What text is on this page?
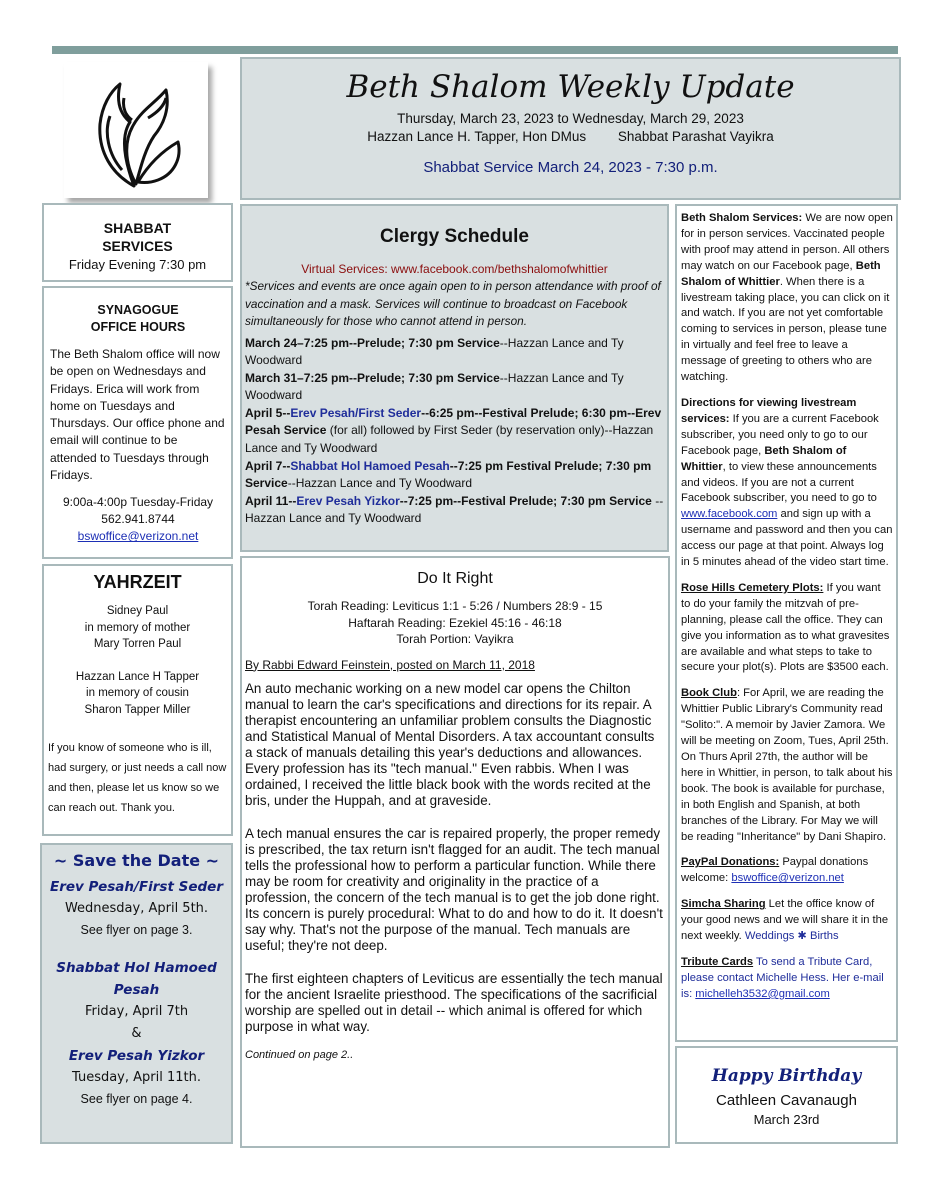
Beth Shalom Weekly Update
Thursday, March 23, 2023 to Wednesday, March 29, 2023
Hazzan Lance H. Tapper, Hon DMus Shabbat Parashat Vayikra
Shabbat Service March 24, 2023 - 7:30 p.m.
SHABBAT
SERVICES
Friday Evening 7:30 pm
SYNAGOGUE
OFFICE HOURS
The Beth Shalom office will now be open on Wednesdays and Fridays. Erica will work from home on Tuesdays and Thursdays. Our office phone and email will continue to be attended to Tuesdays through Fridays.
9:00a-4:00p Tuesday-Friday
562.941.8744
bswoffice@verizon.net
YAHRZEIT
Sidney Paul
in memory of mother
Mary Torren Paul
Hazzan Lance H Tapper
in memory of cousin
Sharon Tapper Miller
If you know of someone who is ill, had surgery, or just needs a call now and then, please let us know so we can reach out. Thank you.
~ Save the Date ~
Erev Pesah/First Seder
Wednesday, April 5th.
See flyer on page 3.
Shabbat Hol Hamoed Pesah
Friday, April 7th
&
Erev Pesah Yizkor
Tuesday, April 11th.
See flyer on page 4.
Clergy Schedule
Virtual Services: www.facebook.com/bethshalomofwhittier
*Services and events are once again open to in person attendance with proof of vaccination and a mask. Services will continue to broadcast on Facebook simultaneously for those who cannot attend in person.
March 24–7:25 pm--Prelude; 7:30 pm Service--Hazzan Lance and Ty Woodward
March 31–7:25 pm--Prelude; 7:30 pm Service--Hazzan Lance and Ty Woodward
April 5--Erev Pesah/First Seder--6:25 pm--Festival Prelude; 6:30 pm--Erev Pesah Service (for all) followed by First Seder (by reservation only)--Hazzan Lance and Ty Woodward
April 7--Shabbat Hol Hamoed Pesah--7:25 pm Festival Prelude; 7:30 pm Service--Hazzan Lance and Ty Woodward
April 11--Erev Pesah Yizkor--7:25 pm--Festival Prelude; 7:30 pm Service --Hazzan Lance and Ty Woodward
Do It Right
Torah Reading: Leviticus 1:1 - 5:26 / Numbers 28:9 - 15
Haftarah Reading: Ezekiel 45:16 - 46:18
Torah Portion: Vayikra
By Rabbi Edward Feinstein, posted on March 11, 2018

An auto mechanic working on a new model car opens the Chilton manual to learn the car's specifications and directions for its repair. A therapist encountering an unfamiliar problem consults the Diagnostic and Statistical Manual of Mental Disorders. A tax accountant consults a stack of manuals detailing this year's deductions and allowances. Every profession has its "tech manual." Even rabbis. When I was ordained, I received the little black book with the words recited at the bris, under the Huppah, and at graveside.

A tech manual ensures the car is repaired properly, the proper remedy is prescribed, the tax return isn't flagged for an audit. The tech manual tells the professional how to perform a particular function. While there may be room for creativity and originality in the practice of a profession, the concern of the tech manual is to get the job done right. Its concern is purely procedural: What to do and how to do it. It doesn't say why. That's not the purpose of the manual. Tech manuals are useful; they're not deep.

The first eighteen chapters of Leviticus are essentially the tech manual for the ancient Israelite priesthood. The specifications of the sacrificial worship are spelled out in detail -- which animal is offered for which purpose in what way.

Continued on page 2..
Beth Shalom Services: We are now open for in person services. Vaccinated people with proof may attend in person. All others may watch on our Facebook page, Beth Shalom of Whittier. When there is a livestream taking place, you can click on it and watch. If you are not yet comfortable coming to services in person, please tune in virtually and feel free to leave a message of greeting to others who are watching.
Directions for viewing livestream services: If you are a current Facebook subscriber, you need only to go to our Facebook page, Beth Shalom of Whittier, to view these announcements and videos. If you are not a current Facebook subscriber, you need to go to www.facebook.com and sign up with a username and password and then you can access our page at that point. Always log in 5 minutes ahead of the video start time.
Rose Hills Cemetery Plots: If you want to do your family the mitzvah of pre-planning, please call the office. They can give you information as to what gravesites are available and what steps to take to secure your plot(s). Plots are $3500 each.
Book Club: For April, we are reading the Whittier Public Library's Community read "Solito:". A memoir by Javier Zamora. We will be meeting on Zoom, Tues, April 25th. On Thurs April 27th, the author will be here in Whittier, in person, to talk about his book. The book is available for purchase, in both English and Spanish, at both branches of the Library. For May we will be reading "Inheritance" by Dani Shapiro.
PayPal Donations: Paypal donations welcome: bswoffice@verizon.net
Simcha Sharing Let the office know of your good news and we will share it in the next weekly. Weddings ✱ Births
Tribute Cards To send a Tribute Card, please contact Michelle Hess. Her e-mail is: michelleh3532@gmail.com
Happy Birthday
Cathleen Cavanaugh
March 23rd
